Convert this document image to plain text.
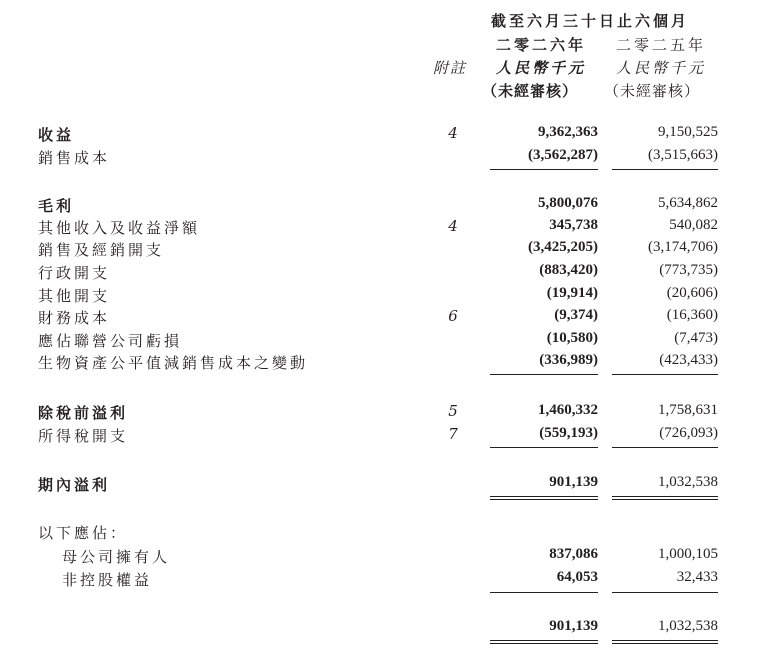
截至六月三十日止六個月
二零二六年 二零二五年
附註 人民幣千元 人民幣千元
（未經審核） （未經審核）
收益	4	9,362,363	9,150,525
銷售成本	(3,562,287)	(3,515,663)
毛利	5,800,076	5,634,862
其他收入及收益淨額	4	345,738	540,082
銷售及經銷開支	(3,425,205)	(3,174,706)
行政開支	(883,420)	(773,735)
其他開支	(19,914)	(20,606)
財務成本	6	(9,374)	(16,360)
應佔聯營公司虧損	(10,580)	(7,473)
生物資產公平值減銷售成本之變動	(336,989)	(423,433)
除稅前溢利	5	1,460,332	1,758,631
所得稅開支	7	(559,193)	(726,093)
期內溢利	901,139	1,032,538
以下應佔：
母公司擁有人	837,086	1,000,105
非控股權益	64,053	32,433
901,139	1,032,538
